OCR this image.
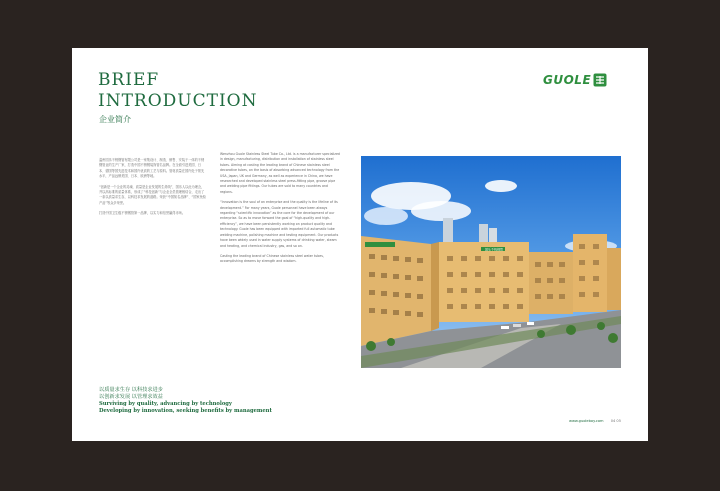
BRIEF
INTRODUCTION
企业简介
GUOLE

温州国乐不锈钢管有限公司是一家集设计、制造、销售、安装于一体的不锈钢管业的生产厂家，打造中国不锈钢装饰管名品牌。在全面引进美国、日本、德国等国先进技术和国内优质的工艺与原料。管材质量在国内处于领先水平，产品远销美国、日本、欧洲等地。

“创新是一个企业的灵魂，质量是企业发展的生命线”，国乐人以此为理念，并以高标准的质量体系，形成了“科技创新”与企业全员管理相结合，走出了一条以质量求生存，以科技求发展的道路。荣获“中国知名品牌”、“国家免检产品”等众多荣誉。

打造中国卫生级不锈钢管第一品牌，以实力和信誉赢得市场。

Wenzhou Guole Stainless Steel Tube Co., Ltd. is a manufacturer specialized in design, manufacturing, distribution and installation of stainless steel tubes. Aiming at casting the leading brand of Chinese stainless steel decorative tubes, on the basis of absorbing advanced technology from the USA, Japan, UK and Germany, as well as experience in China, we have researched and developed stainless steel press-fitting pipe, groove pipe and welding pipe fittings. Our tubes are sold to many countries and regions.

“Innovation is the soul of an enterprise and the quality is the lifeline of its development.” For many years, Guole personnel have been always regarding “scientific innovation” as the core for the development of our enterprise. So as to move forward the goal of “high-quality and high-efficiency”, we have been persistently working on product quality and technology. Guole has been equipped with imported full automatic tube welding machine, polishing machine and testing equipment. Our products have been widely used in water supply systems of drinking water, steam and heating, and chemical industry, gas, and so on.

Casting the leading brand of Chinese stainless steel water tubes, accomplishing dreams by strength and wisdom.

国乐不锈钢管
以质量求生存 以科技求进步
以创新求发展 以管理求效益
Surviving by quality, advancing by technology
Developing by innovation, seeking benefits by management
www.guoleboy.com 04 05
